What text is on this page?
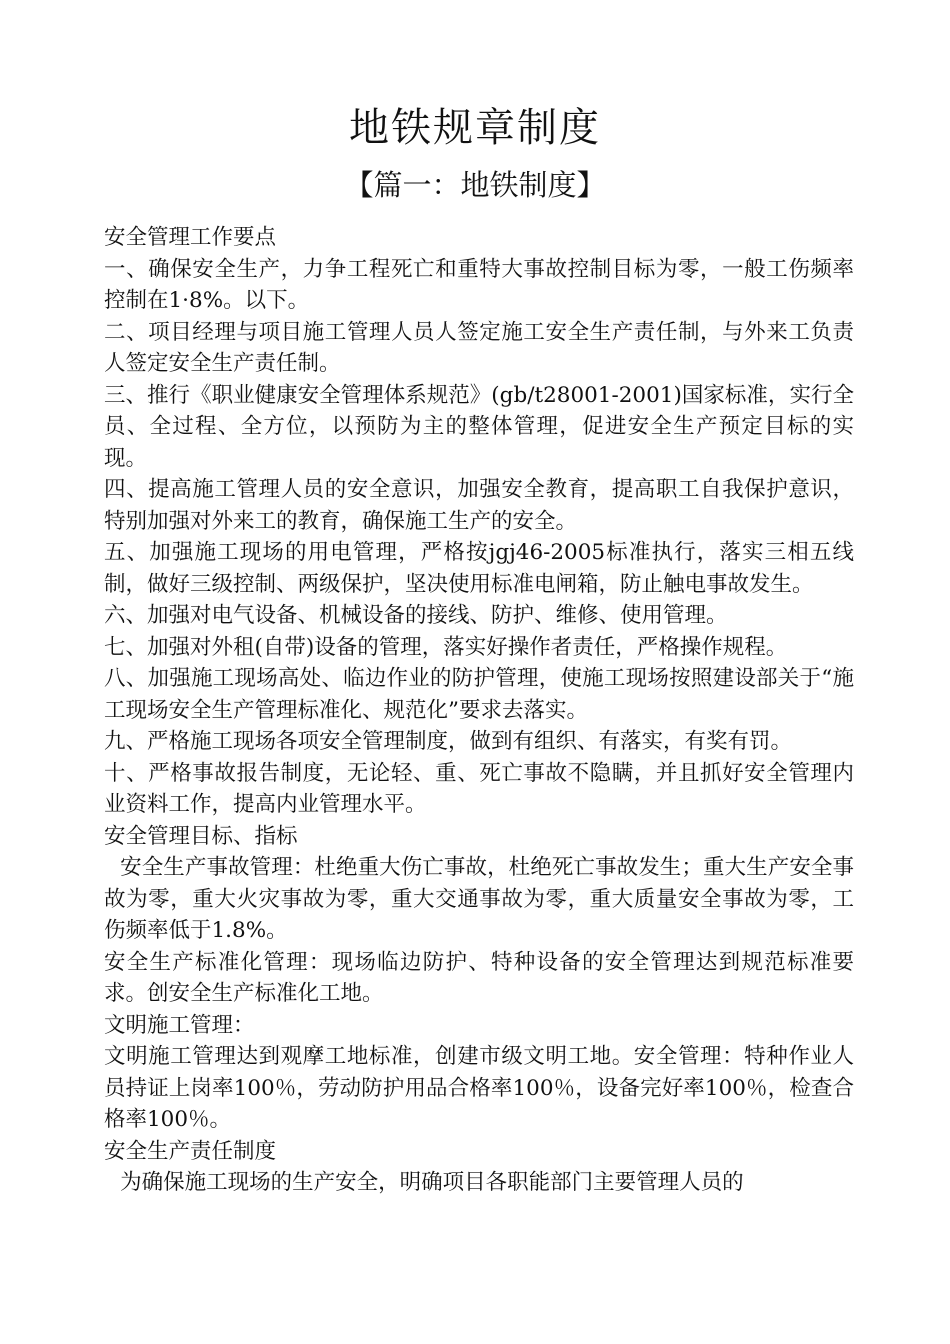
地铁规章制度
【篇一：地铁制度】

安全管理工作要点

一、确保安全生产，力争工程死亡和重特大事故控制目标为零，一般工伤频率控制在1·8%。以下。

二、项目经理与项目施工管理人员人签定施工安全生产责任制，与外来工负责人签定安全生产责任制。

三、推行《职业健康安全管理体系规范》(gb/t28001-2001)国家标准，实行全员、全过程、全方位，以预防为主的整体管理，促进安全生产预定目标的实现。

四、提高施工管理人员的安全意识，加强安全教育，提高职工自我保护意识，特别加强对外来工的教育，确保施工生产的安全。

五、加强施工现场的用电管理，严格按jgj46-2005标准执行，落实三相五线制，做好三级控制、两级保护，坚决使用标准电闸箱，防止触电事故发生。

六、加强对电气设备、机械设备的接线、防护、维修、使用管理。

七、加强对外租(自带)设备的管理，落实好操作者责任，严格操作规程。

八、加强施工现场高处、临边作业的防护管理，使施工现场按照建设部关于“施工现场安全生产管理标准化、规范化”要求去落实。

九、严格施工现场各项安全管理制度，做到有组织、有落实，有奖有罚。

十、严格事故报告制度，无论轻、重、死亡事故不隐瞒，并且抓好安全管理内业资料工作，提高内业管理水平。

安全管理目标、指标

安全生产事故管理：杜绝重大伤亡事故，杜绝死亡事故发生；重大生产安全事故为零，重大火灾事故为零，重大交通事故为零，重大质量安全事故为零，工伤频率低于1.8%。

安全生产标准化管理：现场临边防护、特种设备的安全管理达到规范标准要求。创安全生产标准化工地。

文明施工管理：

文明施工管理达到观摩工地标准，创建市级文明工地。安全管理：特种作业人员持证上岗率100％，劳动防护用品合格率100％，设备完好率100％，检查合格率100％。

安全生产责任制度

为确保施工现场的生产安全，明确项目各职能部门主要管理人员的
